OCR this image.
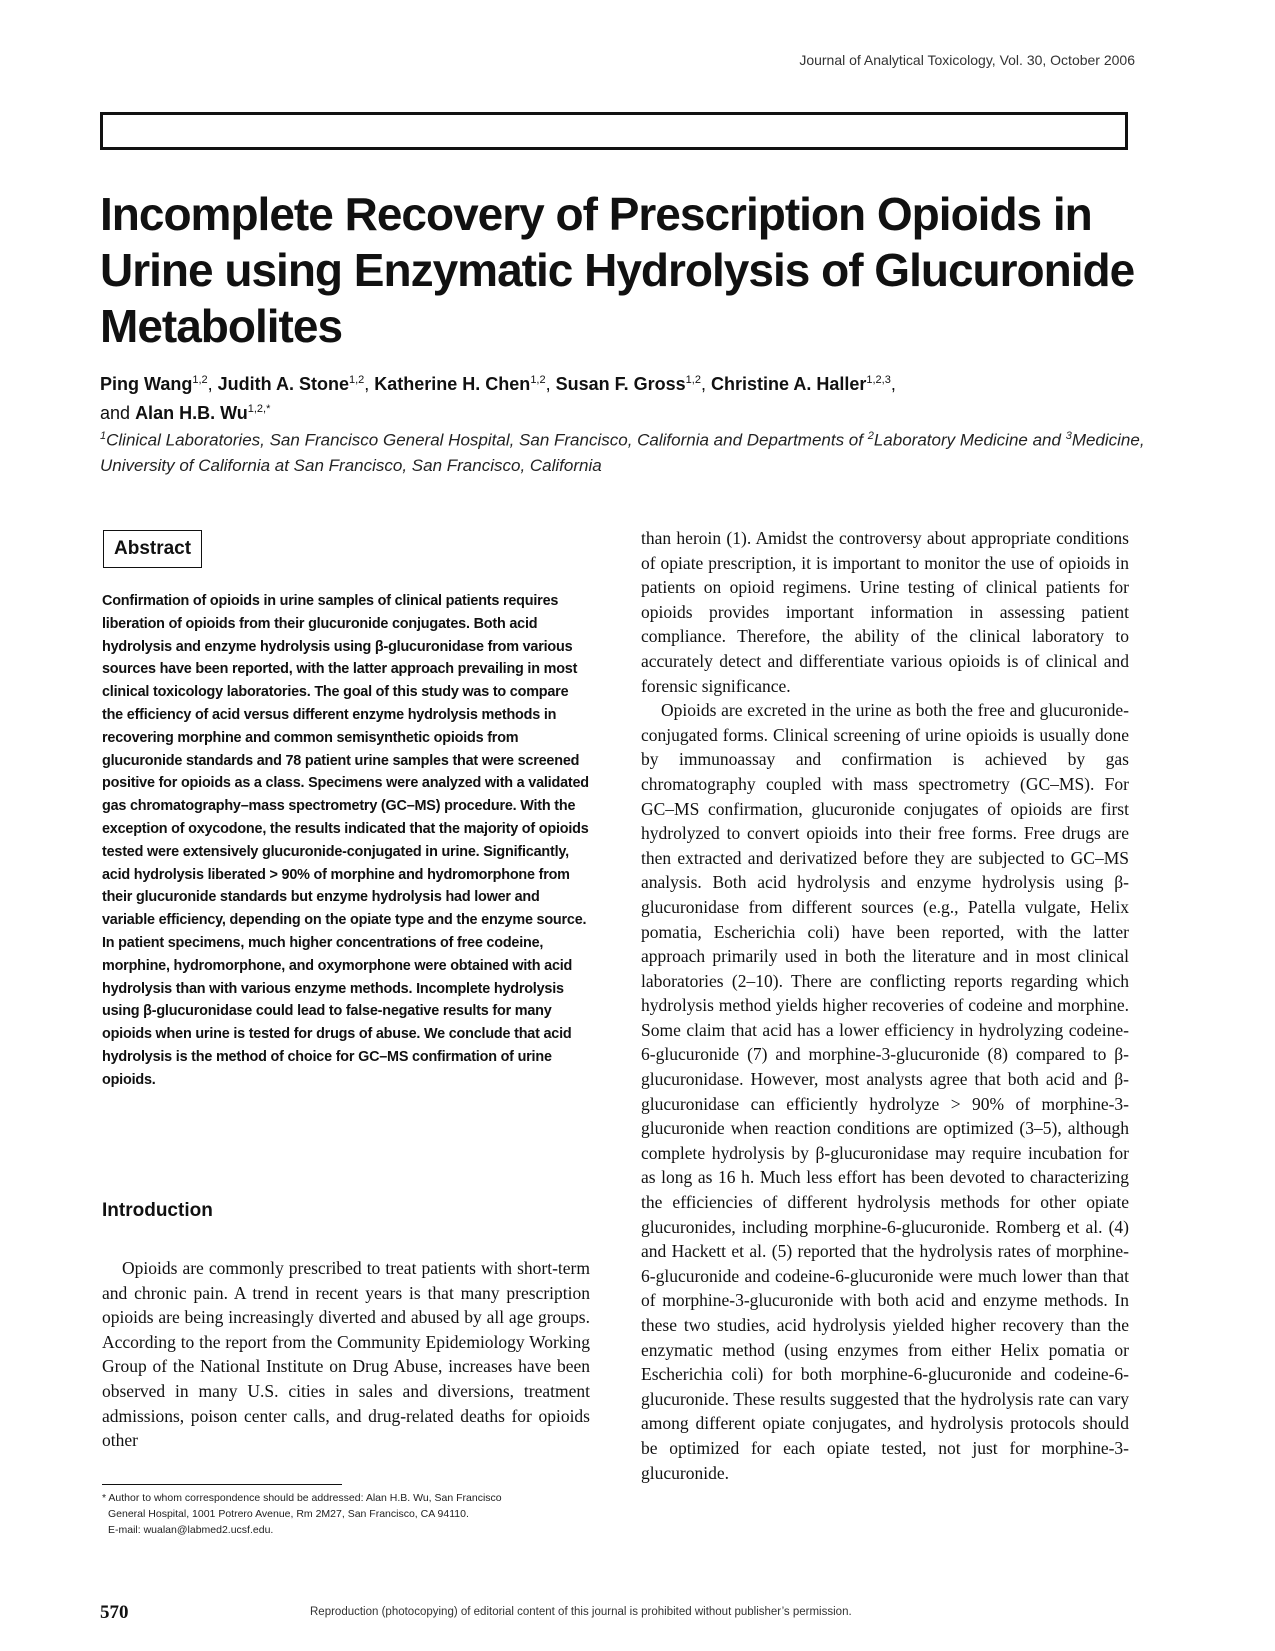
Journal of Analytical Toxicology, Vol. 30, October 2006
Incomplete Recovery of Prescription Opioids in Urine using Enzymatic Hydrolysis of Glucuronide Metabolites
Ping Wang$^{1,2}$, Judith A. Stone$^{1,2}$, Katherine H. Chen$^{1,2}$, Susan F. Gross$^{1,2}$, Christine A. Haller$^{1,2,3}$,
and Alan H.B. $Wu^{1,2,*}$
$^1$Clinical Laboratories, San Francisco General Hospital, San Francisco, California and Departments of $^2$Laboratory Medicine and $^3$Medicine, University of California at San Francisco, San Francisco, California
Abstract

Confirmation of opioids in urine samples of clinical patients requires liberation of opioids from their glucuronide conjugates. Both acid hydrolysis and enzyme hydrolysis using β-glucuronidase from various sources have been reported, with the latter approach prevailing in most clinical toxicology laboratories. The goal of this study was to compare the efficiency of acid versus different enzyme hydrolysis methods in recovering morphine and common semisynthetic opioids from glucuronide standards and 78 patient urine samples that were screened positive for opioids as a class. Specimens were analyzed with a validated gas chromatography–mass spectrometry (GC–MS) procedure. With the exception of oxycodone, the results indicated that the majority of opioids tested were extensively glucuronide-conjugated in urine. Significantly, acid hydrolysis liberated > 90% of morphine and hydromorphone from their glucuronide standards but enzyme hydrolysis had lower and variable efficiency, depending on the opiate type and the enzyme source. In patient specimens, much higher concentrations of free codeine, morphine, hydromorphone, and oxymorphone were obtained with acid hydrolysis than with various enzyme methods. Incomplete hydrolysis using β-glucuronidase could lead to false-negative results for many opioids when urine is tested for drugs of abuse. We conclude that acid hydrolysis is the method of choice for GC–MS confirmation of urine opioids.

Introduction

Opioids are commonly prescribed to treat patients with short-term and chronic pain. A trend in recent years is that many prescription opioids are being increasingly diverted and abused by all age groups. According to the report from the Community Epidemiology Working Group of the National Institute on Drug Abuse, increases have been observed in many U.S. cities in sales and diversions, treatment admissions, poison center calls, and drug-related deaths for opioids other

* Author to whom correspondence should be addressed: Alan H.B. Wu, San Francisco
General Hospital, 1001 Potrero Avenue, Rm 2M27, San Francisco, CA 94110.
E-mail: wualan@labmed2.ucsf.edu.

than heroin (1). Amidst the controversy about appropriate conditions of opiate prescription, it is important to monitor the use of opioids in patients on opioid regimens. Urine testing of clinical patients for opioids provides important information in assessing patient compliance. Therefore, the ability of the clinical laboratory to accurately detect and differentiate various opioids is of clinical and forensic significance.

Opioids are excreted in the urine as both the free and glucuronide-conjugated forms. Clinical screening of urine opioids is usually done by immunoassay and confirmation is achieved by gas chromatography coupled with mass spectrometry (GC–MS). For GC–MS confirmation, glucuronide conjugates of opioids are first hydrolyzed to convert opioids into their free forms. Free drugs are then extracted and derivatized before they are subjected to GC–MS analysis. Both acid hydrolysis and enzyme hydrolysis using β-glucuronidase from different sources (e.g., Patella vulgate, Helix pomatia, Escherichia coli) have been reported, with the latter approach primarily used in both the literature and in most clinical laboratories (2–10). There are conflicting reports regarding which hydrolysis method yields higher recoveries of codeine and morphine. Some claim that acid has a lower efficiency in hydrolyzing codeine-6-glucuronide (7) and morphine-3-glucuronide (8) compared to β-glucuronidase. However, most analysts agree that both acid and β-glucuronidase can efficiently hydrolyze > 90% of morphine-3-glucuronide when reaction conditions are optimized (3–5), although complete hydrolysis by β-glucuronidase may require incubation for as long as 16 h. Much less effort has been devoted to characterizing the efficiencies of different hydrolysis methods for other opiate glucuronides, including morphine-6-glucuronide. Romberg et al. (4) and Hackett et al. (5) reported that the hydrolysis rates of morphine-6-glucuronide and codeine-6-glucuronide were much lower than that of morphine-3-glucuronide with both acid and enzyme methods. In these two studies, acid hydrolysis yielded higher recovery than the enzymatic method (using enzymes from either Helix pomatia or Escherichia coli) for both morphine-6-glucuronide and codeine-6-glucuronide. These results suggested that the hydrolysis rate can vary among different opiate conjugates, and hydrolysis protocols should be optimized for each opiate tested, not just for morphine-3-glucuronide.

570	Reproduction (photocopying) of editorial content of this journal is prohibited without publisher’s permission.
